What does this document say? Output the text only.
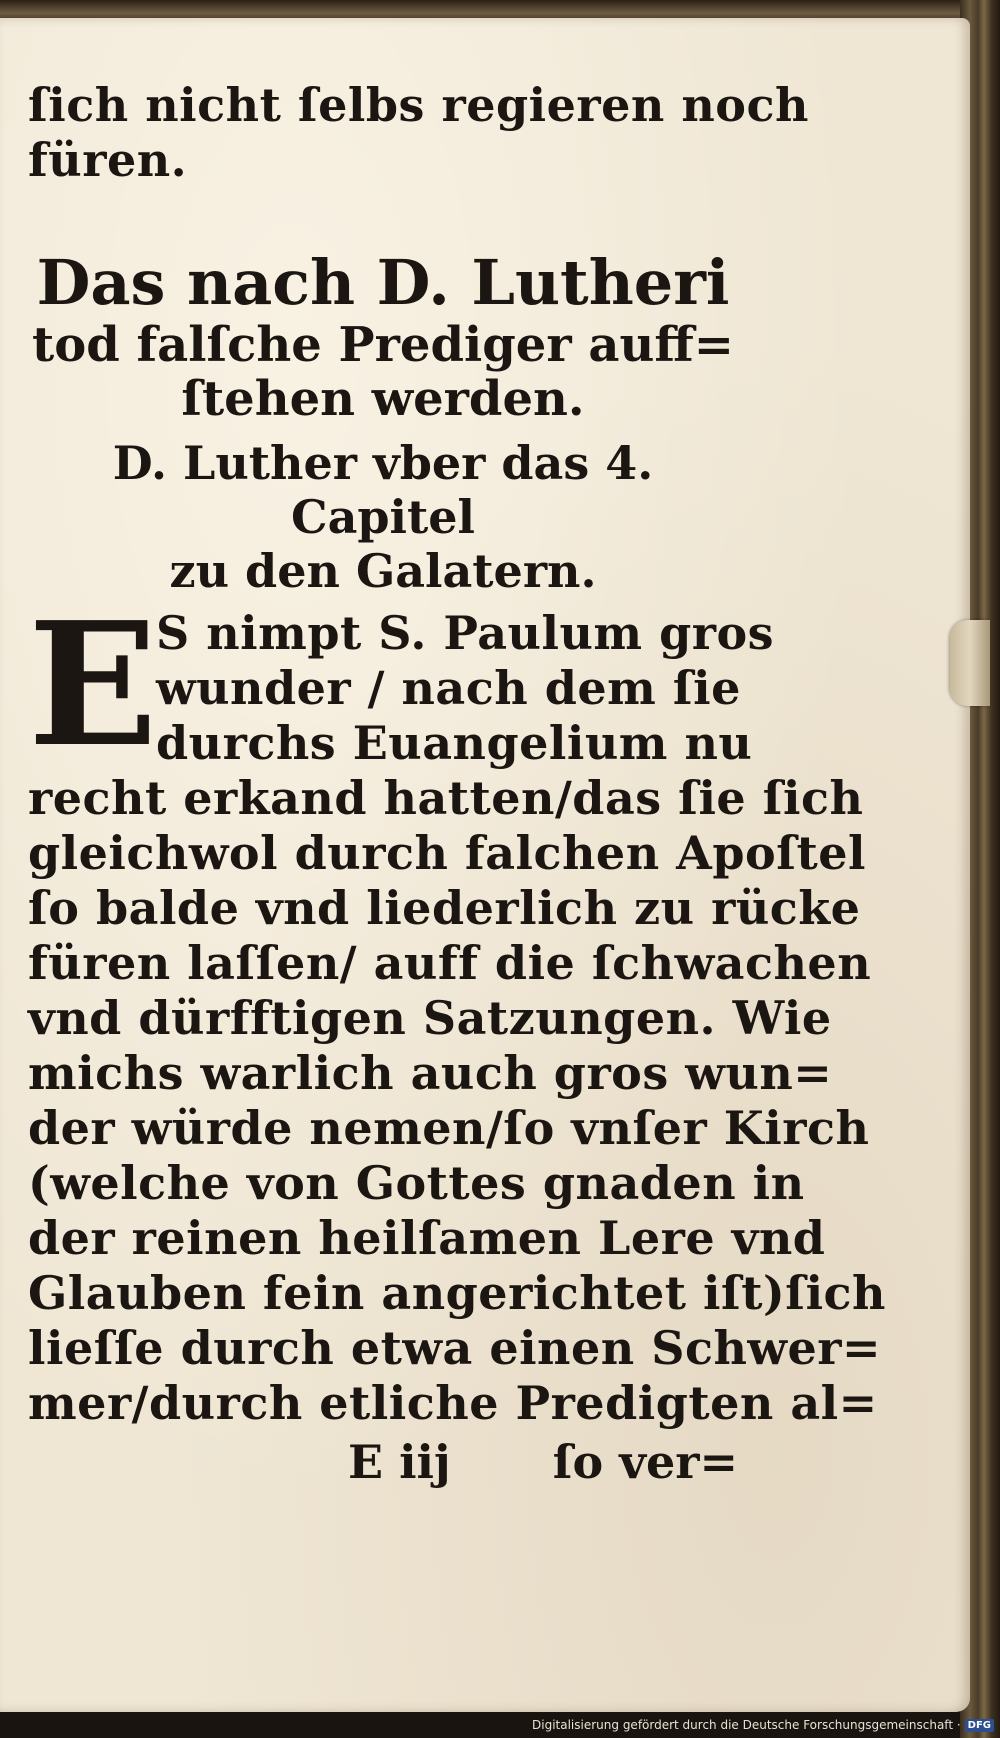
ſich nicht ſelbs regieren noch
füren.
Das nach D. Lutheri
tod falſche Prediger auff=
ſtehen werden.
D. Luther vber das 4. Capitel
zu den Galatern.
E
S nimpt S. Paulum gros
wunder / nach dem ſie
durchs Euangelium nu
recht erkand hatten/das ſie ſich
gleichwol durch falchen Apoſtel
ſo balde vnd liederlich zu rücke
füren laſſen/ auff die ſchwachen
vnd dürfftigen Satzungen. Wie
michs warlich auch gros wun=
der würde nemen/ſo vnſer Kirch
(welche von Gottes gnaden in
der reinen heilſamen Lere vnd
Glauben fein angerichtet iſt)ſich
lieſſe durch etwa einen Schwer=
mer/durch etliche Predigten al=
E iij ſo ver=
Digitalisierung gefördert durch die Deutsche Forschungsgemeinschaft · DFG
